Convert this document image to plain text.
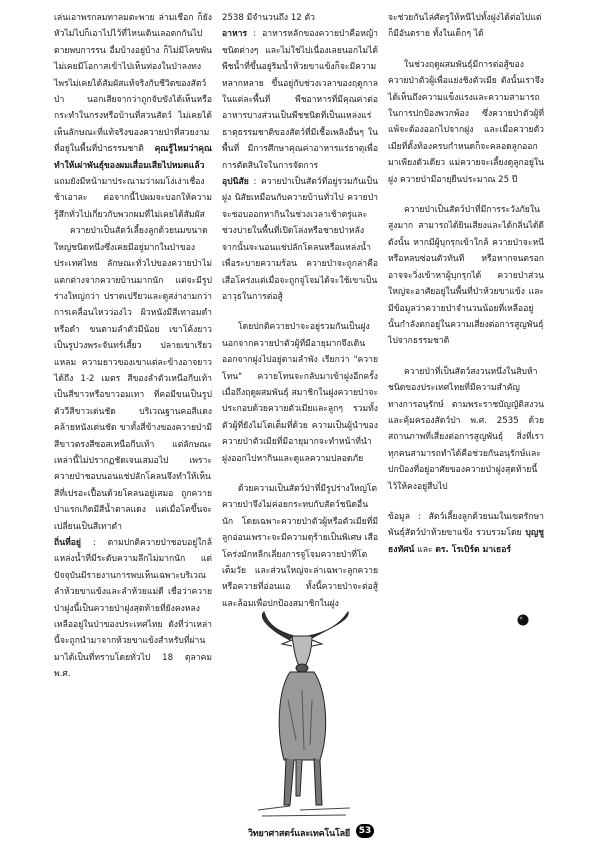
เล่นเอาพรกลมทาลมตะพาย ล่ามเชือก ก็ยังหัวไม่ไปก็เอาไปไว้ที่ไหนเดินเลอตกกันไปตายพบการรน อื่มบ้างอยู่บ้าง ก็ไม่มีโคขพัน ไม่เคยมีโอกาสเข้าไปเห็นท่องในป่าลงทงไพรไม่เคยได้สัมผัสแท้จริงกับชีวิตของสัตว์ป่า นอกเสียจากว่าถูกจับขังได้เห็นหรือกระทำในกรงหรือบ้านที่สวนสัตว์ ไม่เคยได้เห็นลักษณะที่แท้จริงของควายป่าที่สวยงาม ที่อยู่ในพื้นที่ป่าธรรมชาติ คุณรู้ไหมว่าคุณทำให้เผ่าพันธุ์ของผมเสื่อมเสียไปหมดแล้ว แถมยังมีหน้ามาประณามว่าผมโง่เง่าเชื่องช้าเอาละ ต่อจากนี้ไปผมจะบอกให้ความรู้สึกทั่วไปเกี่ยวกับพวกผมที่ไม่เคยได้สัมผัส

ควายป่าเป็นสัตว์เลี้ยงลูกด้วยนมขนาดใหญ่ชนิดหนึ่งซึ่งเคยมีอยู่มากในป่าของประเทศไทย ลักษณะทั่วไปของควายป่าไม่แตกต่างจากควายบ้านมากนัก แต่จะมีรูปร่างใหญ่กว่า ปราดเปรียวและดูสง่างามกว่า การเคลื่อนไหวว่องไว ผิวหนังมีสีเทาอมดำหรือดำ ขนตามลำตัวมีน้อย เขาโค้งยาวเป็นรูปวงพระจันทร์เสี้ยว ปลายเขาเรียวแหลม ความยาวของเขาแต่ละข้างอาจยาวได้ถึง 1-2 เมตร สีของลำตัวเหนือกีบเท้าเป็นสีขาวหรือขาวอมเทา ที่คอมีขนเป็นรูปตัววีสีขาวเด่นชัด บริเวณฐานคอสีแดงคล้ายหนังเด่นชัด ขาทั้งสี่ข้างของควายป่ามีสีขาวตรงสีซอสเหนือกีบเท้า แต่ลักษณะเหล่านี้ไม่ปรากฏชัดเจนเสมอไป เพราะควายป่าชอบนอนแช่ปลักโคลนจึงทำให้เห็นสีที่เปรอะเปื้อนด้วยโคลนอยู่เสมอ ถูกควายป่าแรกเกิดมีสีน้ำตาลแดง แต่เมื่อโตขึ้นจะเปลี่ยนเป็นสีเทาดำ

ถิ่นที่อยู่ : ตามปกติควายป่าชอบอยู่ใกล้แหล่งน้ำที่มีระดับความลึกไม่มากนัก แต่ปัจจุบันมีรายงานการพบเห็นเฉพาะบริเวณลำห้วยขาแข้งและลำห้วยแม่ดี เชื่อว่าควายป่าฝูงนี้เป็นควายป่าฝูงสุดท้ายที่ยังคงหลงเหลืออยู่ในป่าของประเทศไทย ดังที่ว่าเหล่านี้จะถูกนำมาจากห้วยขาแข้งสำหรับที่ผ่านมาได้เป็นที่ทราบโดยทั่วไป 18 ตุลาคม พ.ศ.

2538 มีจำนวนถึง 12 ตัว

อาหาร : อาหารหลักของควายป่าคือหญ้าชนิดต่างๆ และไม่ใช่ไปเนื่องเลยนอกไม่ได้ พืชน้ำที่ขึ้นอยู่ริมน้ำห้วยขาแข้งก็จะมีความหลากหลาย ขึ้นอยู่กับช่วงเวลาของฤดูกาลในแต่ละพื้นที่ พืชอาหารที่มีคุณค่าต่ออาหารบางส่วนเป็นพืชชนิดที่เป็นแหล่งแร่ธาตุธรรมชาติของสัตว์ที่มีเชื้อเพลิงอื่นๆ ในพื้นที่ มีการศึกษาคุณค่าอาหารแร่ธาตุเพื่อการตัดสินใจในการจัดการ

อุปนิสัย : ควายป่าเป็นสัตว์ที่อยู่รวมกันเป็นฝูง นิสัยเหมือนกับควายบ้านทั่วไป ควายป่าจะชอบออกหากินในช่วงเวลาเช้าตรู่และช่วงบ่ายในพื้นที่เปิดโล่งหรือชายป่าหลังจากนั้นจะนอนแช่ปลักโคลนหรือแหล่งน้ำเพื่อระบายความร้อน ควายป่าจะถูกล่าคือเสือโคร่งแต่เมื่อจะถูกจู่โจมได้จะใช้เขาเป็นอาวุธในการต่อสู้

โดยปกติควายป่าจะอยู่รวมกันเป็นฝูง นอกจากควายป่าตัวผู้ที่มีอายุมากจึงเดินออกจากฝูงไปอยู่ตามลำพัง เรียกว่า "ควายโทน" ควายโทนจะกลับมาเข้าฝูงอีกครั้งเมื่อถึงฤดูผสมพันธุ์ สมาชิกในฝูงควายป่าจะประกอบด้วยควายตัวเมียและลูกๆ รวมทั้งตัวผู้ที่ยังไม่โตเต็มที่ด้วย ความเป็นผู้นำของควายป่าตัวเมียที่มีอายุมากจะทำหน้าที่นำฝูงออกไปหากินและดูแลความปลอดภัย

ด้วยความเป็นสัตว์ป่าที่มีรูปร่างใหญ่โตควายป่าจึงไม่ค่อยกระทบกับสัตว์ชนิดอื่น นัก โดยเฉพาะควายป่าตัวผู้หรือตัวเมียที่มีลูกอ่อนเพราะจะมีความดุร้ายเป็นพิเศษ เสือโคร่งมักหลีกเลี่ยงการจู่โจมควายป่าที่โตเต็มวัย และส่วนใหญ่จะล่าเฉพาะลูกควายหรือควายที่อ่อนแอ ทั้งนี้ควายป่าจะต่อสู้และล้อมเพื่อปกป้องสมาชิกในฝูง

จะช่วยกันไล่ศัตรูให้หนีไปทั้งฝูงได้ต่อไปแต่ก็มีอันตราย ทั้งในเด็กๆ ได้

ในช่วงฤดูผสมพันธุ์มีการต่อสู้ของควายป่าตัวผู้เพื่อแย่งชิงตัวเมีย ดังนั้นเราจึงได้เห็นถึงความแข็งแรงและความสามารถในการปกป้องพวกพ้อง ซึ่งควายป่าตัวผู้ที่แพ้จะต้องออกไปจากฝูง และเมื่อควายตัวเมียที่ตั้งท้องครบกำหนดก็จะคลอดลูกออกมาเพียงตัวเดียว แม่ควายจะเลี้ยงดูลูกอยู่ในฝูง ควายป่ามีอายุยืนประมาณ 25 ปี

ควายป่าเป็นสัตว์ป่าที่มีการระวังภัยในสูงมาก สามารถได้ยินเสียงและได้กลิ่นได้ดี ดังนั้น หากมีผู้บุกรุกเข้าใกล้ ควายป่าจะหนีหรือหลบซ่อนตัวทันที หรือหากจนตรอกอาจจะวิ่งเข้าหาผู้บุกรุกได้ ควายป่าส่วนใหญ่จะอาศัยอยู่ในพื้นที่ป่าห้วยขาแข้ง และมีข้อมูลว่าควายป่าจำนวนน้อยที่เหลืออยู่นั้นกำลังตกอยู่ในความเสี่ยงต่อการสูญพันธุ์ไปจากธรรมชาติ

ควายป่าที่เป็นสัตว์สงวนหนึ่งในสิบห้าชนิดของประเทศไทยที่มีความสำคัญทางการอนุรักษ์ ตามพระราชบัญญัติสงวนและคุ้มครองสัตว์ป่า พ.ศ. 2535 ด้วยสถานภาพที่เสี่ยงต่อการสูญพันธุ์ สิ่งที่เราทุกคนสามารถทำได้คือช่วยกันอนุรักษ์และปกป้องที่อยู่อาศัยของควายป่าฝูงสุดท้ายนี้ไว้ให้คงอยู่สืบไป

ข้อมูล : สัตว์เลี้ยงลูกด้วยนมในเขตรักษาพันธุ์สัตว์ป่าห้วยขาแข้ง รวบรวมโดย บุญชู ธงทัศน์ และ ดร. โรเบิร์ต มาเธอร์

วิทยาศาสตร์และเทคโนโลยี 53
